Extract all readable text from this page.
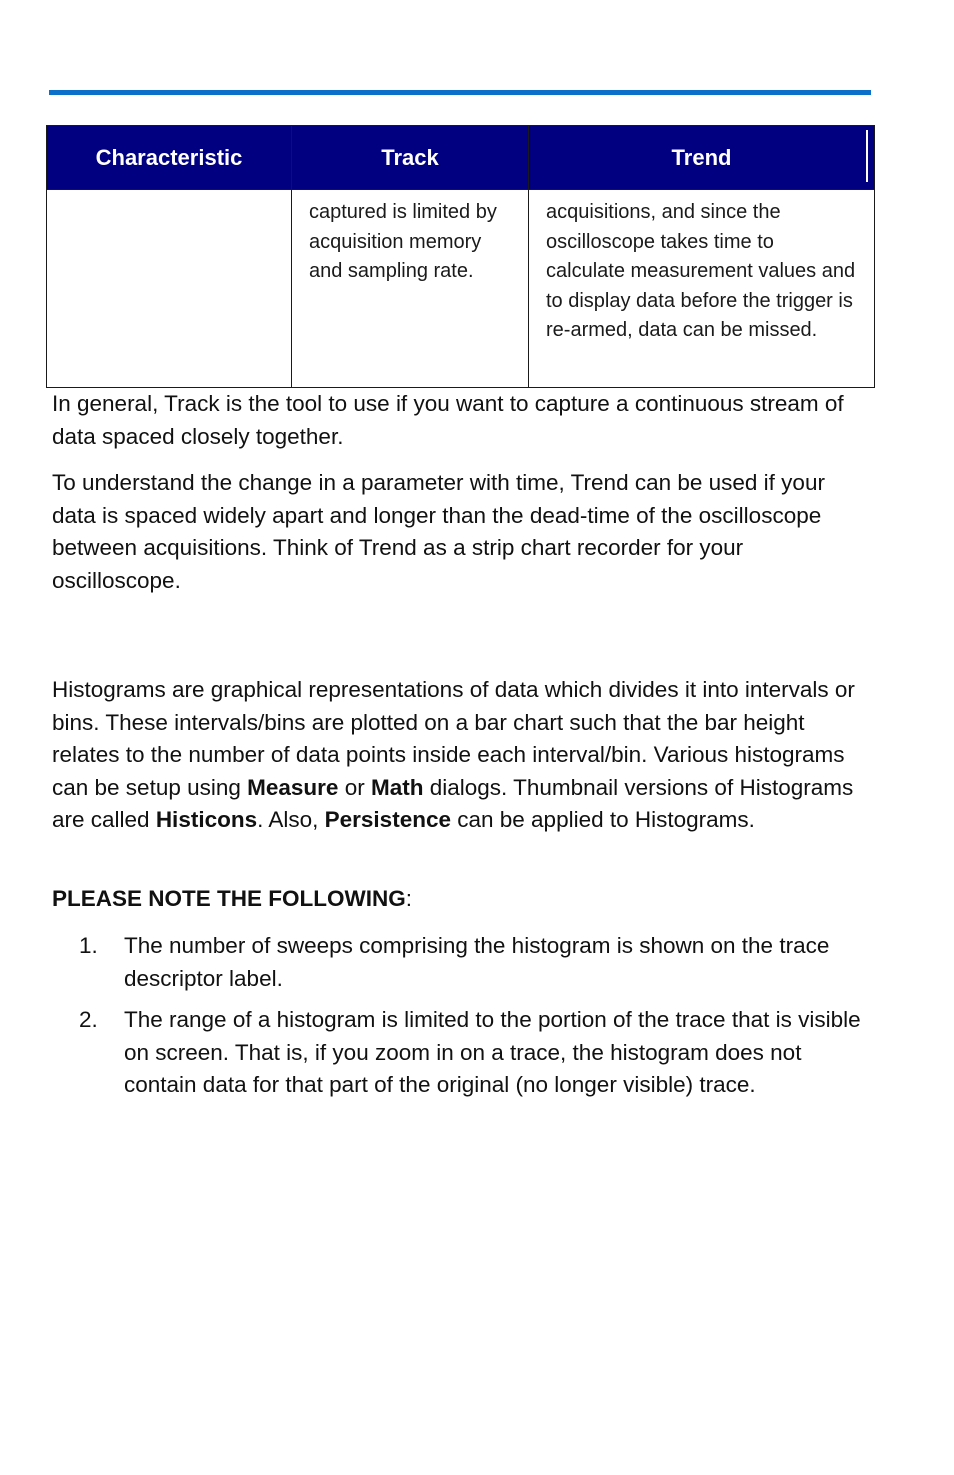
Characteristic	Track	Trend
	captured is limited by acquisition memory and sampling rate.	acquisitions, and since the oscilloscope takes time to calculate measurement values and to display data before the trigger is re-armed, data can be missed.

In general, Track is the tool to use if you want to capture a continuous stream of data spaced closely together.

To understand the change in a parameter with time, Trend can be used if your data is spaced widely apart and longer than the dead-time of the oscilloscope between acquisitions. Think of Trend as a strip chart recorder for your oscilloscope.

Histograms are graphical representations of data which divides it into intervals or bins. These intervals/bins are plotted on a bar chart such that the bar height relates to the number of data points inside each interval/bin. Various histograms can be setup using Measure or Math dialogs. Thumbnail versions of Histograms are called Histicons. Also, Persistence can be applied to Histograms.

PLEASE NOTE THE FOLLOWING:

1. The number of sweeps comprising the histogram is shown on the trace descriptor label.
2. The range of a histogram is limited to the portion of the trace that is visible on screen. That is, if you zoom in on a trace, the histogram does not contain data for that part of the original (no longer visible) trace.
